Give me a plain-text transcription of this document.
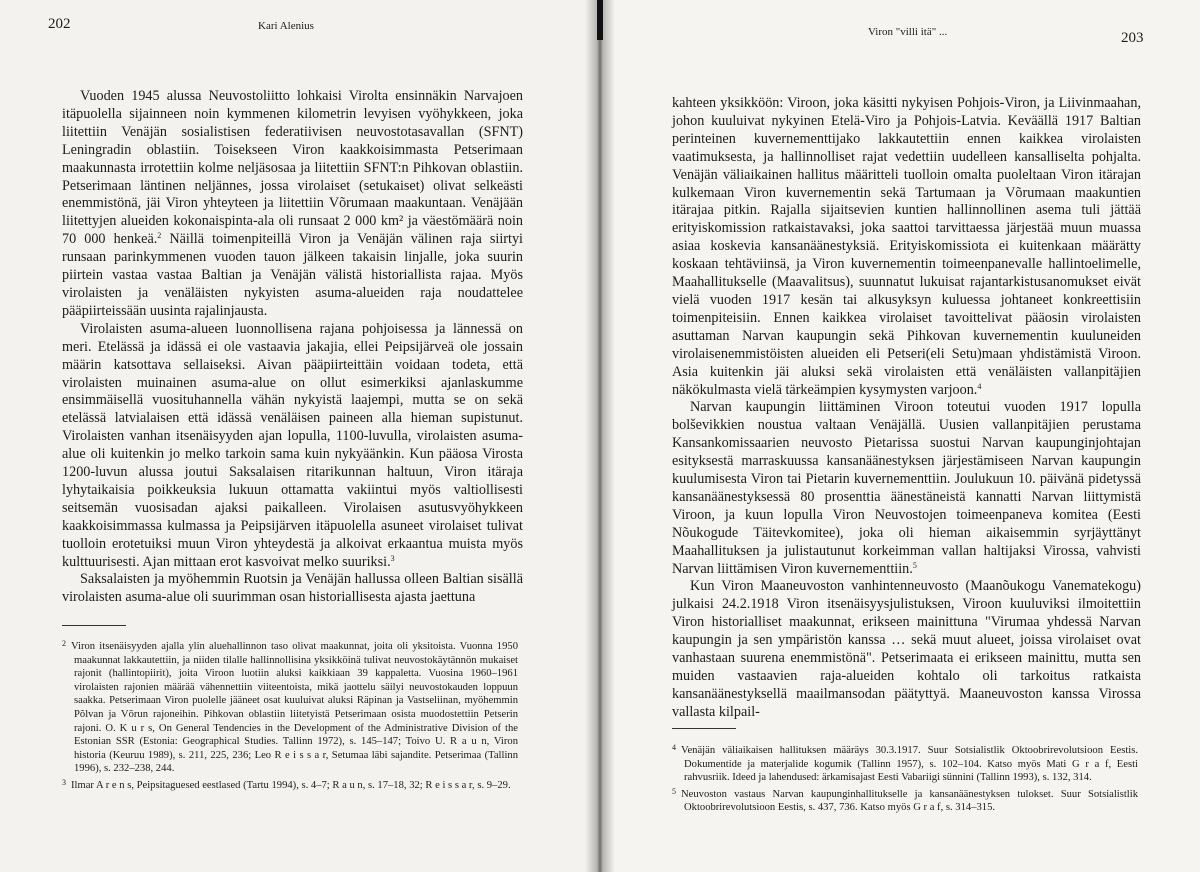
202	Kari Alenius

Vuoden 1945 alussa Neuvostoliitto lohkaisi Virolta ensinnäkin Narvajoen itäpuolella sijainneen noin kymmenen kilometrin levyisen vyöhykkeen, joka liitettiin Venäjän sosialistisen federatiivisen neuvostotasavallan (SFNT) Leningradin oblastiin. Toisekseen Viron kaakkoisimmasta Petserimaan maakunnasta irrotettiin kolme neljäsosaa ja liitettiin SFNT:n Pihkovan oblastiin. Petserimaan läntinen neljännes, jossa virolaiset (setukaiset) olivat selkeästi enemmistönä, jäi Viron yhteyteen ja liitettiin Võrumaan maakuntaan. Venäjään liitettyjen alueiden kokonaispinta-ala oli runsaat 2 000 km² ja väestömäärä noin 70 000 henkeä.$^2$ Näillä toimenpiteillä Viron ja Venäjän välinen raja siirtyi runsaan parinkymmenen vuoden tauon jälkeen takaisin linjalle, joka suurin piirtein vastaa vastaa Baltian ja Venäjän välistä historiallista rajaa. Myös virolaisten ja venäläisten nykyisten asuma-alueiden raja noudattelee pääpiirteissään uusinta rajalinjausta.

Virolaisten asuma-alueen luonnollisena rajana pohjoisessa ja lännessä on meri. Etelässä ja idässä ei ole vastaavia jakajia, ellei Peipsijärveä ole jossain määrin katsottava sellaiseksi. Aivan pääpiirteittäin voidaan todeta, että virolaisten muinainen asuma-alue on ollut esimerkiksi ajanlaskumme ensimmäisellä vuosituhannella vähän nykyistä laajempi, mutta se on sekä etelässä latvialaisen että idässä venäläisen paineen alla hieman supistunut. Virolaisten vanhan itsenäisyyden ajan lopulla, 1100-luvulla, virolaisten asuma-alue oli kuitenkin jo melko tarkoin sama kuin nykyäänkin. Kun pääosa Virosta 1200-luvun alussa joutui Saksalaisen ritarikunnan haltuun, Viron itäraja lyhytaikaisia poikkeuksia lukuun ottamatta vakiintui myös valtiollisesti seitsemän vuosisadan ajaksi paikalleen. Virolaisen asutusvyöhykkeen kaakkoisimmassa kulmassa ja Peipsijärven itäpuolella asuneet virolaiset tulivat tuolloin erotetuiksi muun Viron yhteydestä ja alkoivat erkaantua muista myös kulttuurisesti. Ajan mittaan erot kasvoivat melko suuriksi.$^3$

Saksalaisten ja myöhemmin Ruotsin ja Venäjän hallussa olleen Baltian sisällä virolaisten asuma-alue oli suurimman osan historiallisesta ajasta jaettuna

$^2$ Viron itsenäisyyden ajalla ylin aluehallinnon taso olivat maakunnat, joita oli yksitoista. Vuonna 1950 maakunnat lakkautettiin, ja niiden tilalle hallinnollisina yksikköinä tulivat neuvostokäytännön mukaiset rajonit (hallintopiirit), joita Viroon luotiin aluksi kaikkiaan 39 kappaletta. Vuosina 1960–1961 virolaisten rajonien määrää vähennettiin viiteentoista, mikä jaottelu säilyi neuvostokauden loppuun saakka. Petserimaan Viron puolelle jääneet osat kuuluivat aluksi Räpinan ja Vastseliinan, myöhemmin Põlvan ja Võrun rajoneihin. Pihkovan oblastiin liitetyistä Petserimaan osista muodostettiin Petserin rajoni. O. K u r s, On General Tendencies in the Development of the Administrative Division of the Estonian SSR (Estonia: Geographical Studies. Tallinn 1972), s. 145–147; Toivo U. R a u n, Viron historia (Keuruu 1989), s. 211, 225, 236; Leo R e i s s a r, Setumaa läbi sajandite. Petserimaa (Tallinn 1996), s. 232–238, 244.

$^3$ Ilmar A r e n s, Peipsitaguesed eestlased (Tartu 1994), s. 4–7; R a u n, s. 17–18, 32; R e i s s a r, s. 9–29.

Viron "villi itä" ...	203

kahteen yksikköön: Viroon, joka käsitti nykyisen Pohjois-Viron, ja Liivinmaahan, johon kuuluivat nykyinen Etelä-Viro ja Pohjois-Latvia. Keväällä 1917 Baltian perinteinen kuvernementtijako lakkautettiin ennen kaikkea virolaisten vaatimuksesta, ja hallinnolliset rajat vedettiin uudelleen kansalliselta pohjalta. Venäjän väliaikainen hallitus määritteli tuolloin omalta puoleltaan Viron itärajan kulkemaan Viron kuvernementin sekä Tartumaan ja Võrumaan maakuntien itärajaa pitkin. Rajalla sijaitsevien kuntien hallinnollinen asema tuli jättää erityiskomission ratkaistavaksi, joka saattoi tarvittaessa järjestää muun muassa asiaa koskevia kansanäänestyksiä. Erityiskomissiota ei kuitenkaan määrätty koskaan tehtäviinsä, ja Viron kuvernementin toimeenpanevalle hallintoelimelle, Maahallitukselle (Maavalitsus), suunnatut lukuisat rajantarkistusanomukset eivät vielä vuoden 1917 kesän tai alkusyksyn kuluessa johtaneet konkreettisiin toimenpiteisiin. Ennen kaikkea virolaiset tavoittelivat pääosin virolaisten asuttaman Narvan kaupungin sekä Pihkovan kuvernementin kuuluneiden virolaisenemmistöisten alueiden eli Petseri(eli Setu)maan yhdistämistä Viroon. Asia kuitenkin jäi aluksi sekä virolaisten että venäläisten vallanpitäjien näkökulmasta vielä tärkeämpien kysymysten varjoon.$^4$

Narvan kaupungin liittäminen Viroon toteutui vuoden 1917 lopulla bolševikkien noustua valtaan Venäjällä. Uusien vallanpitäjien perustama Kansankomissaarien neuvosto Pietarissa suostui Narvan kaupunginjohtajan esityksestä marraskuussa kansanäänestyksen järjestämiseen Narvan kaupungin kuulumisesta Viron tai Pietarin kuvernementtiin. Joulukuun 10. päivänä pidetyssä kansanäänestyksessä 80 prosenttia äänestäneistä kannatti Narvan liittymistä Viroon, ja kuun lopulla Viron Neuvostojen toimeenpaneva komitea (Eesti Nõukogude Täitevkomitee), joka oli hieman aikaisemmin syrjäyttänyt Maahallituksen ja julistautunut korkeimman vallan haltijaksi Virossa, vahvisti Narvan liittämisen Viron kuvernementtiin.$^5$

Kun Viron Maaneuvoston vanhintenneuvosto (Maanõukogu Vanematekogu) julkaisi 24.2.1918 Viron itsenäisyysjulistuksen, Viroon kuuluviksi ilmoitettiin Viron historialliset maakunnat, erikseen mainittuna "Virumaa yhdessä Narvan kaupungin ja sen ympäristön kanssa … sekä muut alueet, joissa virolaiset ovat vanhastaan suurena enemmistönä". Petserimaata ei erikseen mainittu, mutta sen muiden vastaavien raja-alueiden kohtalo oli tarkoitus ratkaista kansanäänestyksellä maailmansodan päätyttyä. Maaneuvoston kanssa Virossa vallasta kilpail-

$^4$ Venäjän väliaikaisen hallituksen määräys 30.3.1917. Suur Sotsialistlik Oktoobrirevolutsioon Eestis. Dokumentide ja materjalide kogumik (Tallinn 1957), s. 102–104. Katso myös Mati G r a f, Eesti rahvusriik. Ideed ja lahendused: ärkamisajast Eesti Vabariigi sünnini (Tallinn 1993), s. 132, 314.

$^5$ Neuvoston vastaus Narvan kaupunginhallitukselle ja kansanäänestyksen tulokset. Suur Sotsialistlik Oktoobrirevolutsioon Eestis, s. 437, 736. Katso myös G r a f, s. 314–315.
